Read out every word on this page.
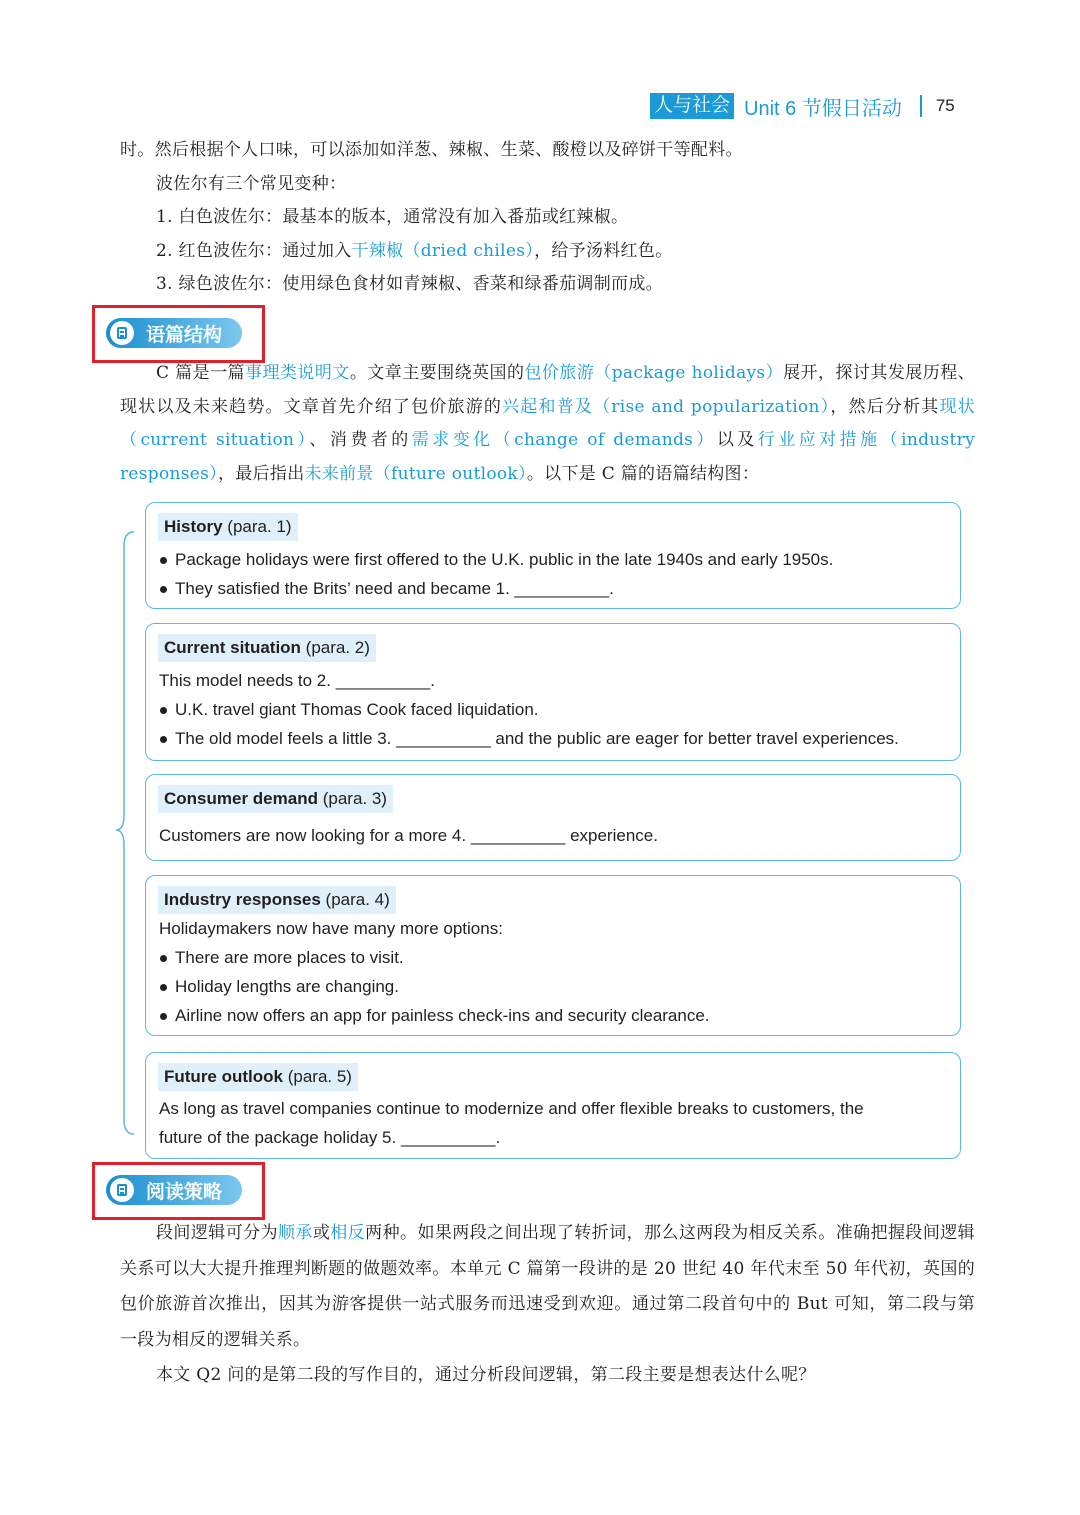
人与社会 Unit 6 节假日活动 75
时。然后根据个人口味，可以添加如洋葱、辣椒、生菜、酸橙以及碎饼干等配料。
波佐尔有三个常见变种：
1. 白色波佐尔：最基本的版本，通常没有加入番茄或红辣椒。
2. 红色波佐尔：通过加入干辣椒（dried chiles），给予汤料红色。
3. 绿色波佐尔：使用绿色食材如青辣椒、香菜和绿番茄调制而成。
语篇结构

C 篇是一篇事理类说明文。文章主要围绕英国的包价旅游（package holidays）展开，探讨其发展历程、现状以及未来趋势。文章首先介绍了包价旅游的兴起和普及（rise and popularization），然后分析其现状（current situation）、消费者的需求变化（change of demands）以及行业应对措施（industry responses），最后指出未来前景（future outlook）。以下是 C 篇的语篇结构图：

History (para. 1)
Package holidays were first offered to the U.K. public in the late 1940s and early 1950s.
They satisfied the Brits’ need and became 1. __________.
Current situation (para. 2)
This model needs to 2. __________.
U.K. travel giant Thomas Cook faced liquidation.
The old model feels a little 3. __________ and the public are eager for better travel experiences.
Consumer demand (para. 3)
Customers are now looking for a more 4. __________ experience.
Industry responses (para. 4)
Holidaymakers now have many more options:
There are more places to visit.
Holiday lengths are changing.
Airline now offers an app for painless check-ins and security clearance.
Future outlook (para. 5)
As long as travel companies continue to modernize and offer flexible breaks to customers, the
future of the package holiday 5. __________.
阅读策略

段间逻辑可分为顺承或相反两种。如果两段之间出现了转折词，那么这两段为相反关系。准确把握段间逻辑关系可以大大提升推理判断题的做题效率。本单元 C 篇第一段讲的是 20 世纪 40 年代末至 50 年代初，英国的包价旅游首次推出，因其为游客提供一站式服务而迅速受到欢迎。通过第二段首句中的 But 可知，第二段与第一段为相反的逻辑关系。

本文 Q2 问的是第二段的写作目的，通过分析段间逻辑，第二段主要是想表达什么呢？
